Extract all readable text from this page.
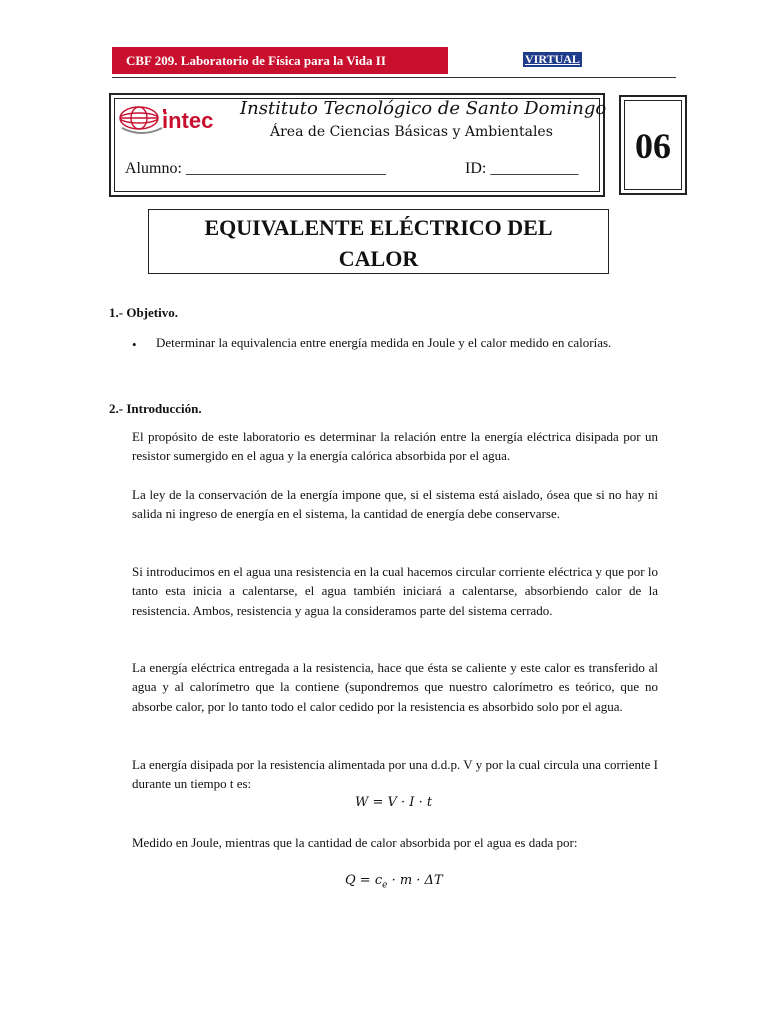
CBF 209. Laboratorio de Física para la Vida II	VIRTUAL
intec Instituto Tecnológico de Santo Domingo
Área de Ciencias Básicas y Ambientales
Alumno: _________________________	ID: ___________
06
EQUIVALENTE ELÉCTRICO DEL
CALOR
1.- Objetivo.
• Determinar la equivalencia entre energía medida en Joule y el calor medido en calorías.
2.- Introducción.
El propósito de este laboratorio es determinar la relación entre la energía eléctrica disipada por un resistor sumergido en el agua y la energía calórica absorbida por el agua.
La ley de la conservación de la energía impone que, si el sistema está aislado, ósea que si no hay ni salida ni ingreso de energía en el sistema, la cantidad de energía debe conservarse.
Si introducimos en el agua una resistencia en la cual hacemos circular corriente eléctrica y que por lo tanto esta inicia a calentarse, el agua también iniciará a calentarse, absorbiendo calor de la resistencia. Ambos, resistencia y agua la consideramos parte del sistema cerrado.
La energía eléctrica entregada a la resistencia, hace que ésta se caliente y este calor es transferido al agua y al calorímetro que la contiene (supondremos que nuestro calorímetro es teórico, que no absorbe calor, por lo tanto todo el calor cedido por la resistencia es absorbido solo por el agua.
La energía disipada por la resistencia alimentada por una d.d.p. V y por la cual circula una corriente I durante un tiempo t es:
W = V · I · t
Medido en Joule, mientras que la cantidad de calor absorbida por el agua es dada por:
$Q = c_e \cdot m \cdot \Delta T$
